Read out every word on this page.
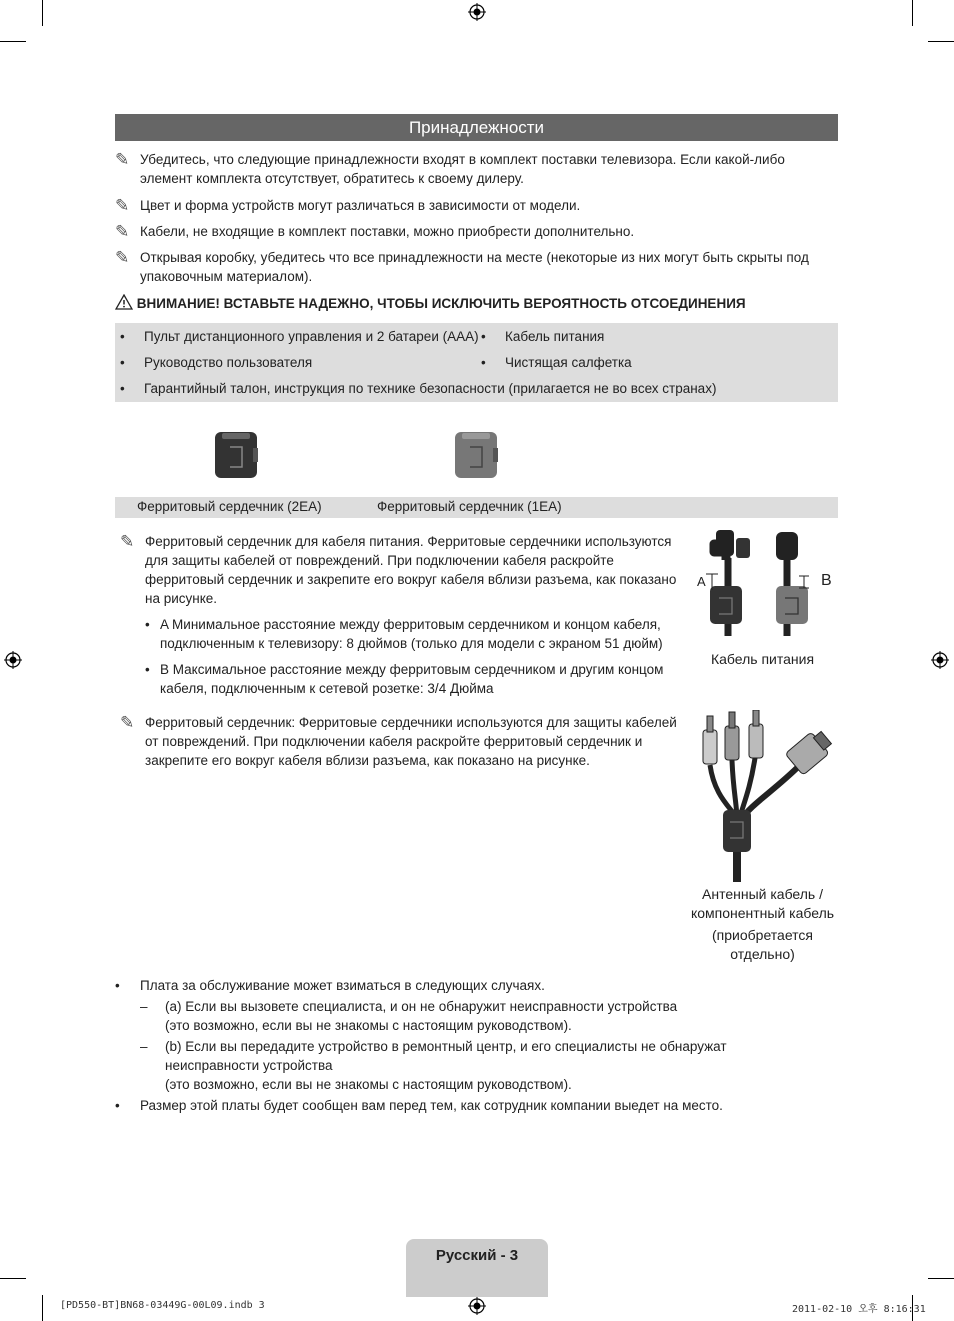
Принадлежности
✎ Убедитесь, что следующие принадлежности входят в комплект поставки телевизора. Если какой-либо элемент комплекта отсутствует, обратитесь к своему дилеру.
✎ Цвет и форма устройств могут различаться в зависимости от модели.
✎ Кабели, не входящие в комплект поставки, можно приобрести дополнительно.
✎ Открывая коробку, убедитесь что все принадлежности на месте (некоторые из них могут быть скрыты под упаковочным материалом).
ВНИМАНИЕ! ВСТАВЬТЕ НАДЕЖНО, ЧТОБЫ ИСКЛЮЧИТЬ ВЕРОЯТНОСТЬ ОТСОЕДИНЕНИЯ
• Пульт дистанционного управления и 2 батареи (AAA) • Кабель питания
• Руководство пользователя	• Чистящая салфетка
• Гарантийный талон, инструкция по технике безопасности (прилагается не во всех странах)
Ферритовый сердечник (2EA)	Ферритовый сердечник (1EA)
✎ Ферритовый сердечник для кабеля питания. Ферритовые сердечники используются для защиты кабелей от повреждений. При подключении кабеля раскройте ферритовый сердечник и закрепите его вокруг кабеля вблизи разъема, как показано на рисунке.
• A Минимальное расстояние между ферритовым сердечником и концом кабеля, подключенным к телевизору: 8 дюймов (только для модели с экраном 51 дюйм)
• B Максимальное расстояние между ферритовым сердечником и другим концом кабеля, подключенным к сетевой розетке: 3/4 Дюйма
A	B
Кабель питания
✎ Ферритовый сердечник: Ферритовые сердечники используются для защиты кабелей от повреждений. При подключении кабеля раскройте ферритовый сердечник и закрепите его вокруг кабеля вблизи разъема, как показано на рисунке.
Антенный кабель / компонентный кабель
(приобретается отдельно)
• Плата за обслуживание может взиматься в следующих случаях.
– (a) Если вы вызовете специалиста, и он не обнаружит неисправности устройства
(это возможно, если вы не знакомы с настоящим руководством).
– (b) Если вы передадите устройство в ремонтный центр, и его специалисты не обнаружат неисправности устройства
(это возможно, если вы не знакомы с настоящим руководством).
• Размер этой платы будет сообщен вам перед тем, как сотрудник компании выедет на место.
Русский - 3
[PD550-BT]BN68-03449G-00L09.indb 3	2011-02-10 오후 8:16:31
